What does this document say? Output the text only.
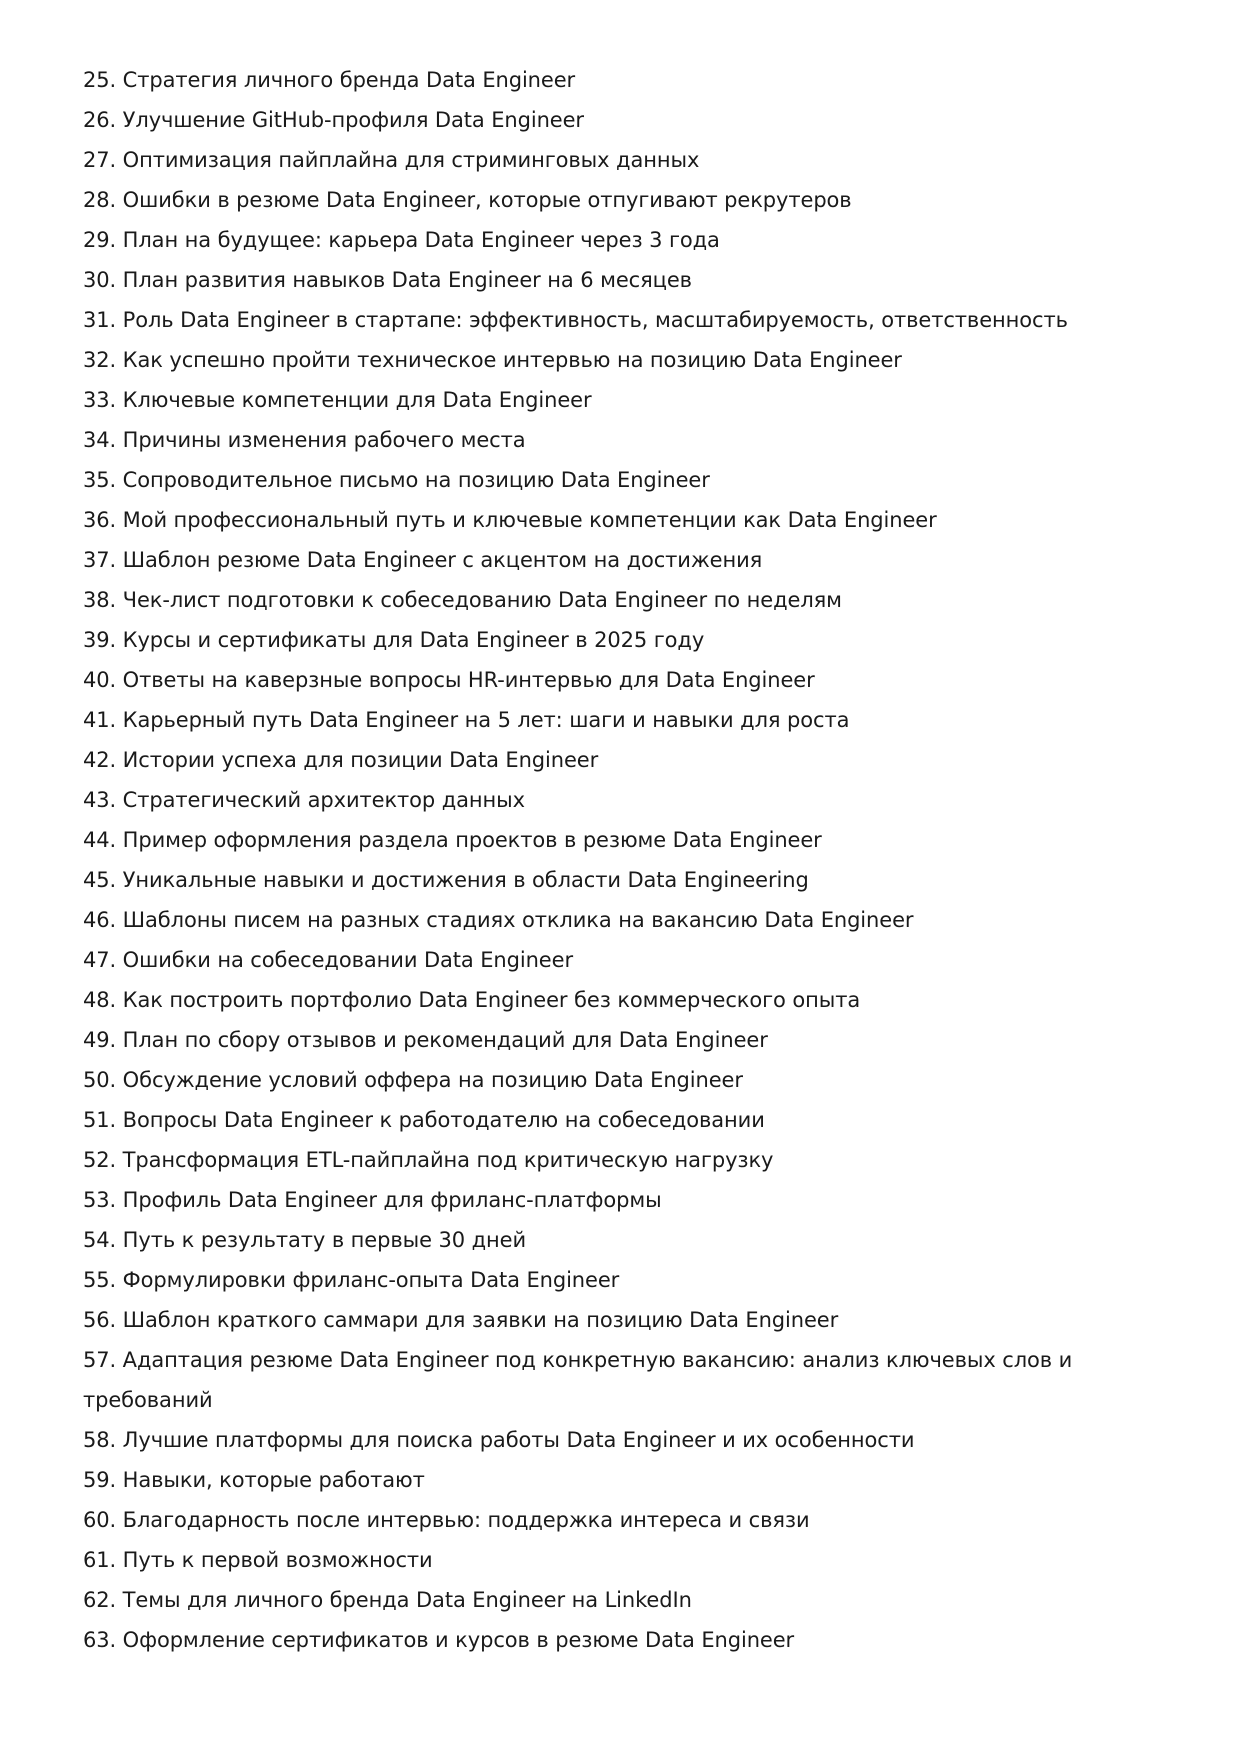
25. Стратегия личного бренда Data Engineer
26. Улучшение GitHub-профиля Data Engineer
27. Оптимизация пайплайна для стриминговых данных
28. Ошибки в резюме Data Engineer, которые отпугивают рекрутеров
29. План на будущее: карьера Data Engineer через 3 года
30. План развития навыков Data Engineer на 6 месяцев
31. Роль Data Engineer в стартапе: эффективность, масштабируемость, ответственность
32. Как успешно пройти техническое интервью на позицию Data Engineer
33. Ключевые компетенции для Data Engineer
34. Причины изменения рабочего места
35. Сопроводительное письмо на позицию Data Engineer
36. Мой профессиональный путь и ключевые компетенции как Data Engineer
37. Шаблон резюме Data Engineer с акцентом на достижения
38. Чек-лист подготовки к собеседованию Data Engineer по неделям
39. Курсы и сертификаты для Data Engineer в 2025 году
40. Ответы на каверзные вопросы HR-интервью для Data Engineer
41. Карьерный путь Data Engineer на 5 лет: шаги и навыки для роста
42. Истории успеха для позиции Data Engineer
43. Стратегический архитектор данных
44. Пример оформления раздела проектов в резюме Data Engineer
45. Уникальные навыки и достижения в области Data Engineering
46. Шаблоны писем на разных стадиях отклика на вакансию Data Engineer
47. Ошибки на собеседовании Data Engineer
48. Как построить портфолио Data Engineer без коммерческого опыта
49. План по сбору отзывов и рекомендаций для Data Engineer
50. Обсуждение условий оффера на позицию Data Engineer
51. Вопросы Data Engineer к работодателю на собеседовании
52. Трансформация ETL-пайплайна под критическую нагрузку
53. Профиль Data Engineer для фриланс-платформы
54. Путь к результату в первые 30 дней
55. Формулировки фриланс-опыта Data Engineer
56. Шаблон краткого саммари для заявки на позицию Data Engineer
57. Адаптация резюме Data Engineer под конкретную вакансию: анализ ключевых слов и требований
58. Лучшие платформы для поиска работы Data Engineer и их особенности
59. Навыки, которые работают
60. Благодарность после интервью: поддержка интереса и связи
61. Путь к первой возможности
62. Темы для личного бренда Data Engineer на LinkedIn
63. Оформление сертификатов и курсов в резюме Data Engineer
